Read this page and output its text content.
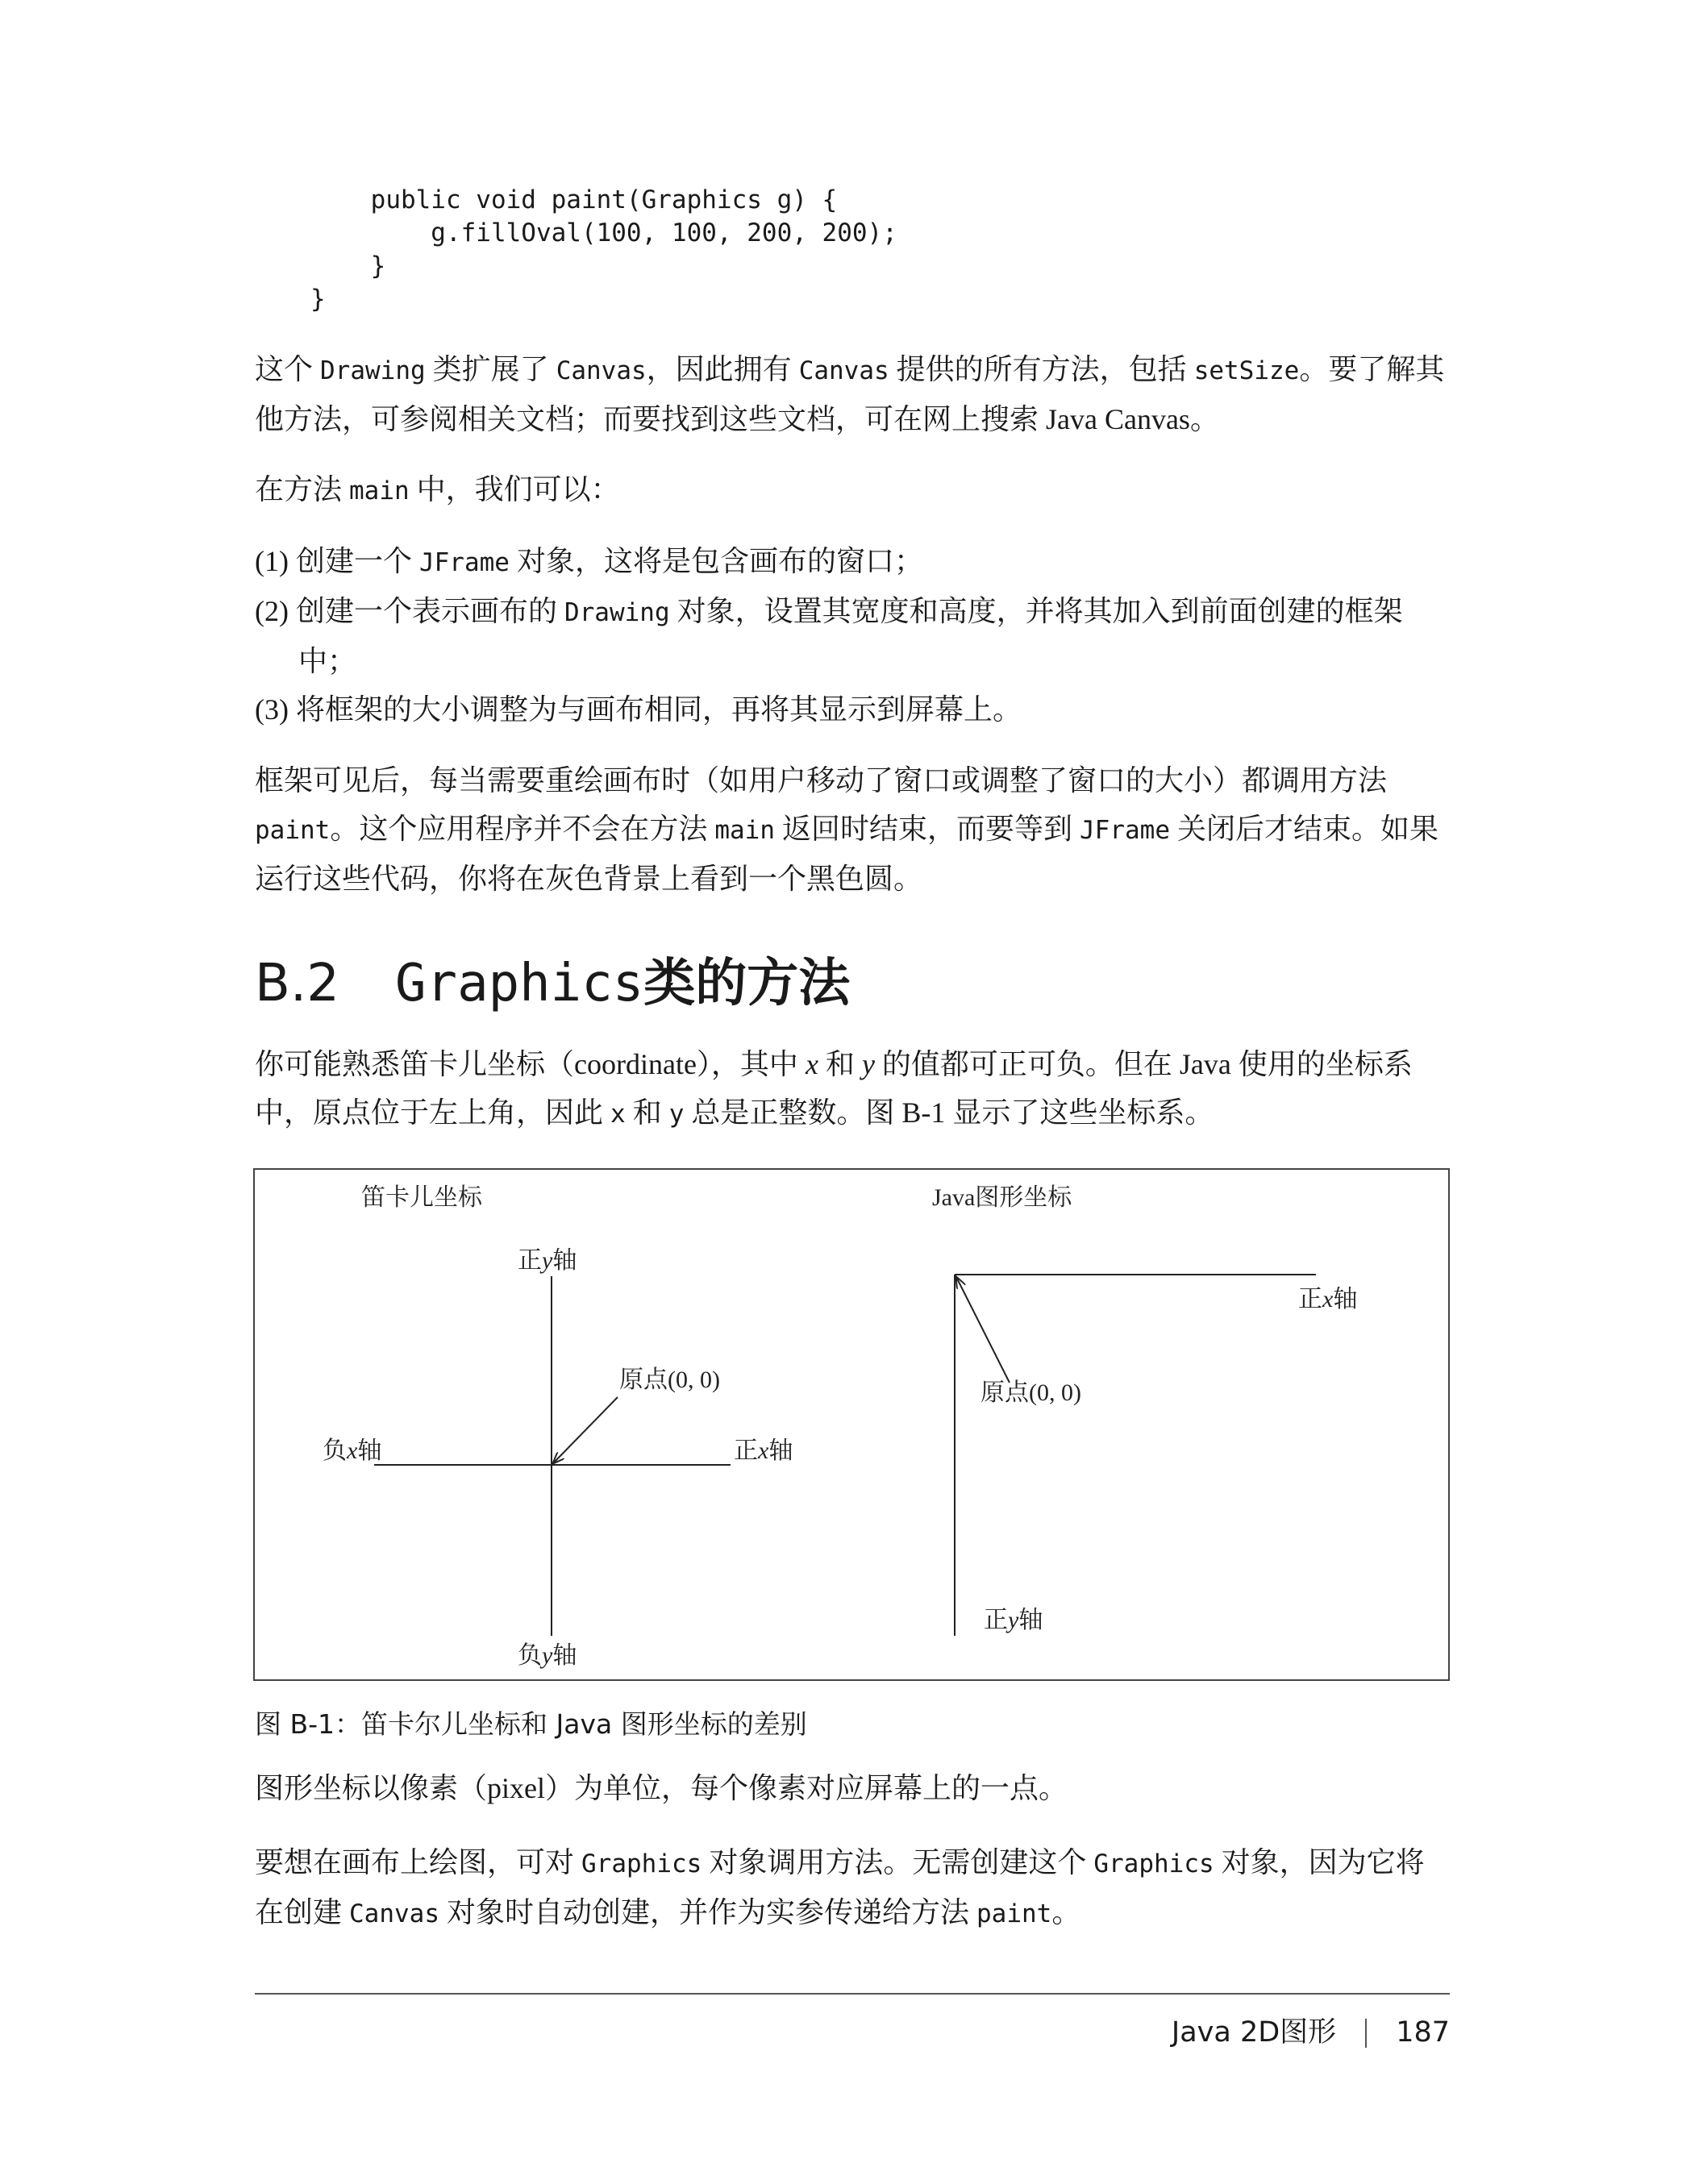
public void paint(Graphics g) {
g.fillOval(100, 100, 200, 200);
}
}

这个 Drawing 类扩展了 Canvas，因此拥有 Canvas 提供的所有方法，包括 setSize。要了解其他方法，可参阅相关文档；而要找到这些文档，可在网上搜索 Java Canvas。

在方法 main 中，我们可以：

(1) 创建一个 JFrame 对象，这将是包含画布的窗口；
(2) 创建一个表示画布的 Drawing 对象，设置其宽度和高度，并将其加入到前面创建的框架中；
(3) 将框架的大小调整为与画布相同，再将其显示到屏幕上。

框架可见后，每当需要重绘画布时（如用户移动了窗口或调整了窗口的大小）都调用方法 paint。这个应用程序并不会在方法 main 返回时结束，而要等到 JFrame 关闭后才结束。如果运行这些代码，你将在灰色背景上看到一个黑色圆。

B.2 Graphics类的方法

你可能熟悉笛卡儿坐标（coordinate），其中 x 和 y 的值都可正可负。但在 Java 使用的坐标系中，原点位于左上角，因此 x 和 y 总是正整数。图 B-1 显示了这些坐标系。

笛卡儿坐标	Java图形坐标
正y轴
负y轴
负x轴	正x轴
原点(0, 0)
正x轴
原点(0, 0)
正y轴

图 B-1：笛卡尔儿坐标和 Java 图形坐标的差别

图形坐标以像素（pixel）为单位，每个像素对应屏幕上的一点。

要想在画布上绘图，可对 Graphics 对象调用方法。无需创建这个 Graphics 对象，因为它将在创建 Canvas 对象时自动创建，并作为实参传递给方法 paint。

Java 2D图形 187
